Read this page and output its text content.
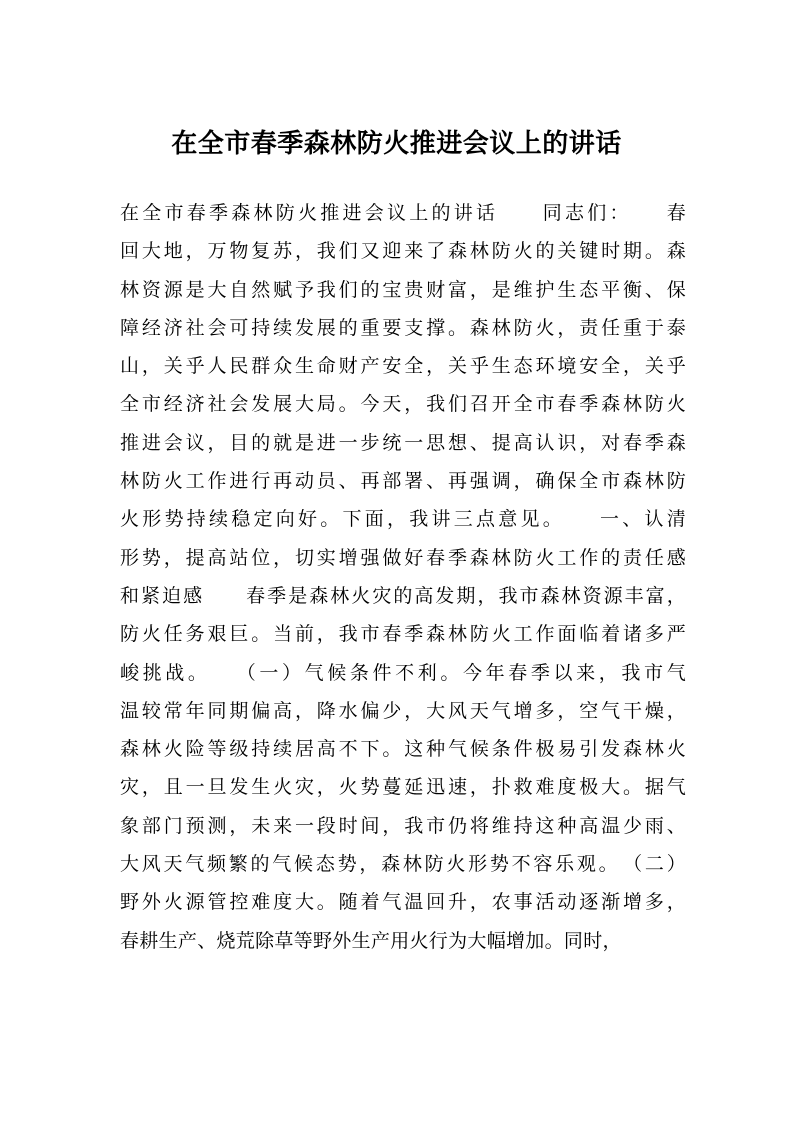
在全市春季森林防火推进会议上的讲话
在全市春季森林防火推进会议上的讲话　　同志们：　　春
回大地，万物复苏，我们又迎来了森林防火的关键时期。森
林资源是大自然赋予我们的宝贵财富，是维护生态平衡、保
障经济社会可持续发展的重要支撑。森林防火，责任重于泰
山，关乎人民群众生命财产安全，关乎生态环境安全，关乎
全市经济社会发展大局。今天，我们召开全市春季森林防火
推进会议，目的就是进一步统一思想、提高认识，对春季森
林防火工作进行再动员、再部署、再强调，确保全市森林防
火形势持续稳定向好。下面，我讲三点意见。　　一、认清
形势，提高站位，切实增强做好春季森林防火工作的责任感
和紧迫感　　春季是森林火灾的高发期，我市森林资源丰富，
防火任务艰巨。当前，我市春季森林防火工作面临着诸多严
峻挑战。　　（一）气候条件不利。今年春季以来，我市气
温较常年同期偏高，降水偏少，大风天气增多，空气干燥，
森林火险等级持续居高不下。这种气候条件极易引发森林火
灾，且一旦发生火灾，火势蔓延迅速，扑救难度极大。据气
象部门预测，未来一段时间，我市仍将维持这种高温少雨、
大风天气频繁的气候态势，森林防火形势不容乐观。　（二）
野外火源管控难度大。随着气温回升，农事活动逐渐增多，
春耕生产、烧荒除草等野外生产用火行为大幅增加。同时，
